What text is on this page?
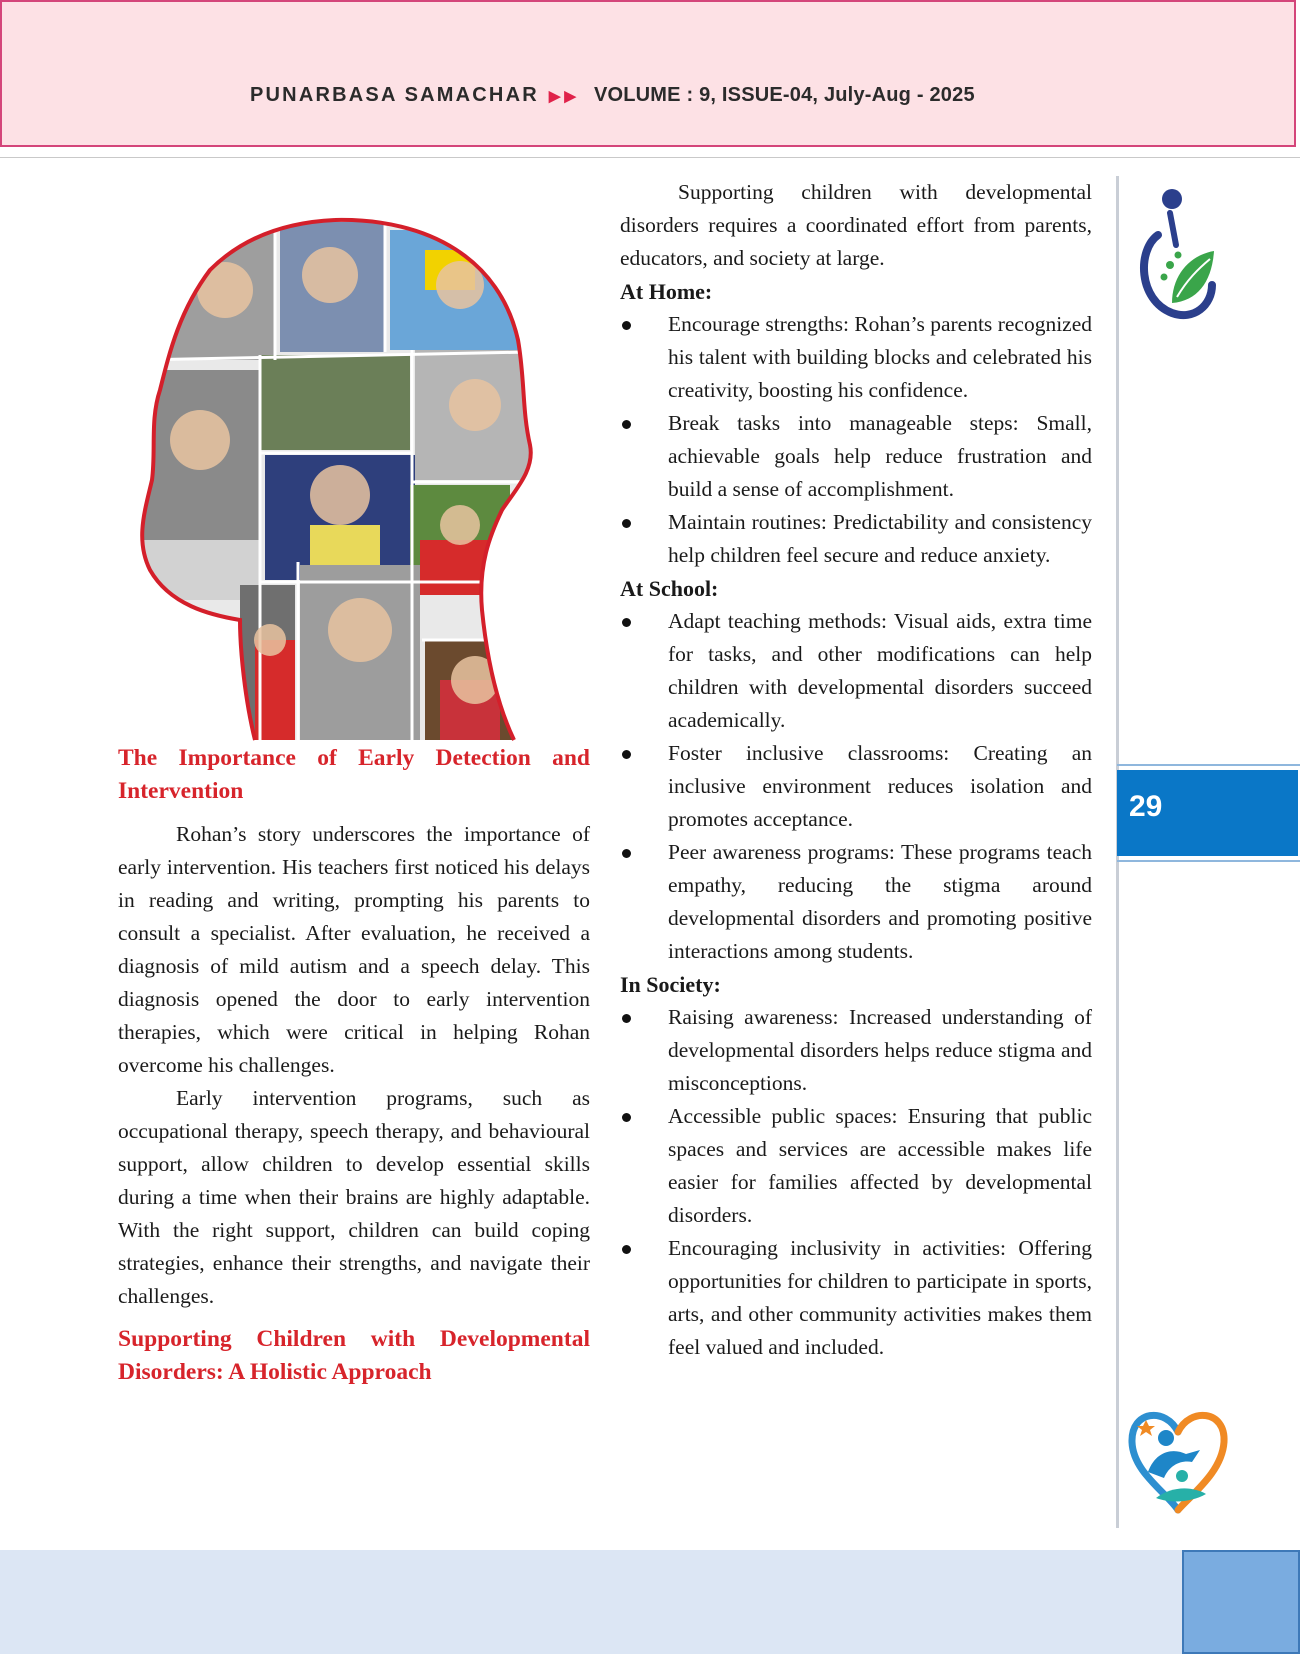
PUNARBASA SAMACHAR ▶▶ VOLUME : 9, ISSUE-04, July-Aug - 2025

The Importance of Early Detection and Intervention

Rohan’s story underscores the importance of early intervention. His teachers first noticed his delays in reading and writing, prompting his parents to consult a specialist. After evaluation, he received a diagnosis of mild autism and a speech delay. This diagnosis opened the door to early intervention therapies, which were critical in helping Rohan overcome his challenges.

Early intervention programs, such as occupational therapy, speech therapy, and behavioural support, allow children to develop essential skills during a time when their brains are highly adaptable. With the right support, children can build coping strategies, enhance their strengths, and navigate their challenges.

Supporting Children with Developmental Disorders: A Holistic Approach

Supporting children with developmental disorders requires a coordinated effort from parents, educators, and society at large.

At Home:

Encourage strengths: Rohan’s parents recognized his talent with building blocks and celebrated his creativity, boosting his confidence.
Break tasks into manageable steps: Small, achievable goals help reduce frustration and build a sense of accomplishment.
Maintain routines: Predictability and consistency help children feel secure and reduce anxiety.

At School:

Adapt teaching methods: Visual aids, extra time for tasks, and other modifications can help children with developmental disorders succeed academically.
Foster inclusive classrooms: Creating an inclusive environment reduces isolation and promotes acceptance.
Peer awareness programs: These programs teach empathy, reducing the stigma around developmental disorders and promoting positive interactions among students.

In Society:

Raising awareness: Increased understanding of developmental disorders helps reduce stigma and misconceptions.
Accessible public spaces: Ensuring that public spaces and services are accessible makes life easier for families affected by developmental disorders.
Encouraging inclusivity in activities: Offering opportunities for children to participate in sports, arts, and other community activities makes them feel valued and included.
29
